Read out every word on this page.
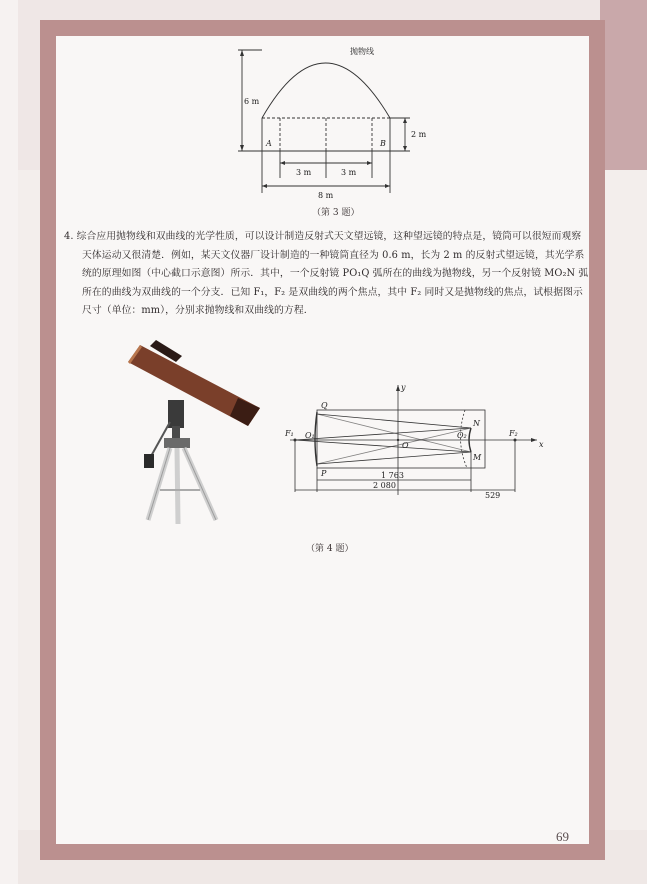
抛物线
6 m
2 m
A	B
3 m	3 m
8 m
（第 3 题）
4. 综合应用抛物线和双曲线的光学性质，可以设计制造反射式天文望远镜，这种望远镜的特点是，镜筒可以很短而观察天体运动又很清楚．例如，某天文仪器厂设计制造的一种镜筒直径为 0.6 m，长为 2 m 的反射式望远镜，其光学系统的原理如图（中心截口示意图）所示．其中，一个反射镜 PO₁Q 弧所在的曲线为抛物线，另一个反射镜 MO₂N 弧所在的曲线为双曲线的一个分支．已知 F₁，F₂ 是双曲线的两个焦点，其中 F₂ 同时又是抛物线的焦点，试根据图示尺寸（单位：mm），分别求抛物线和双曲线的方程．
y
x
Q
P
N
M
F₁	F₂
O₁	O₂
O
1 763
2 080
529
（第 4 题）
69
